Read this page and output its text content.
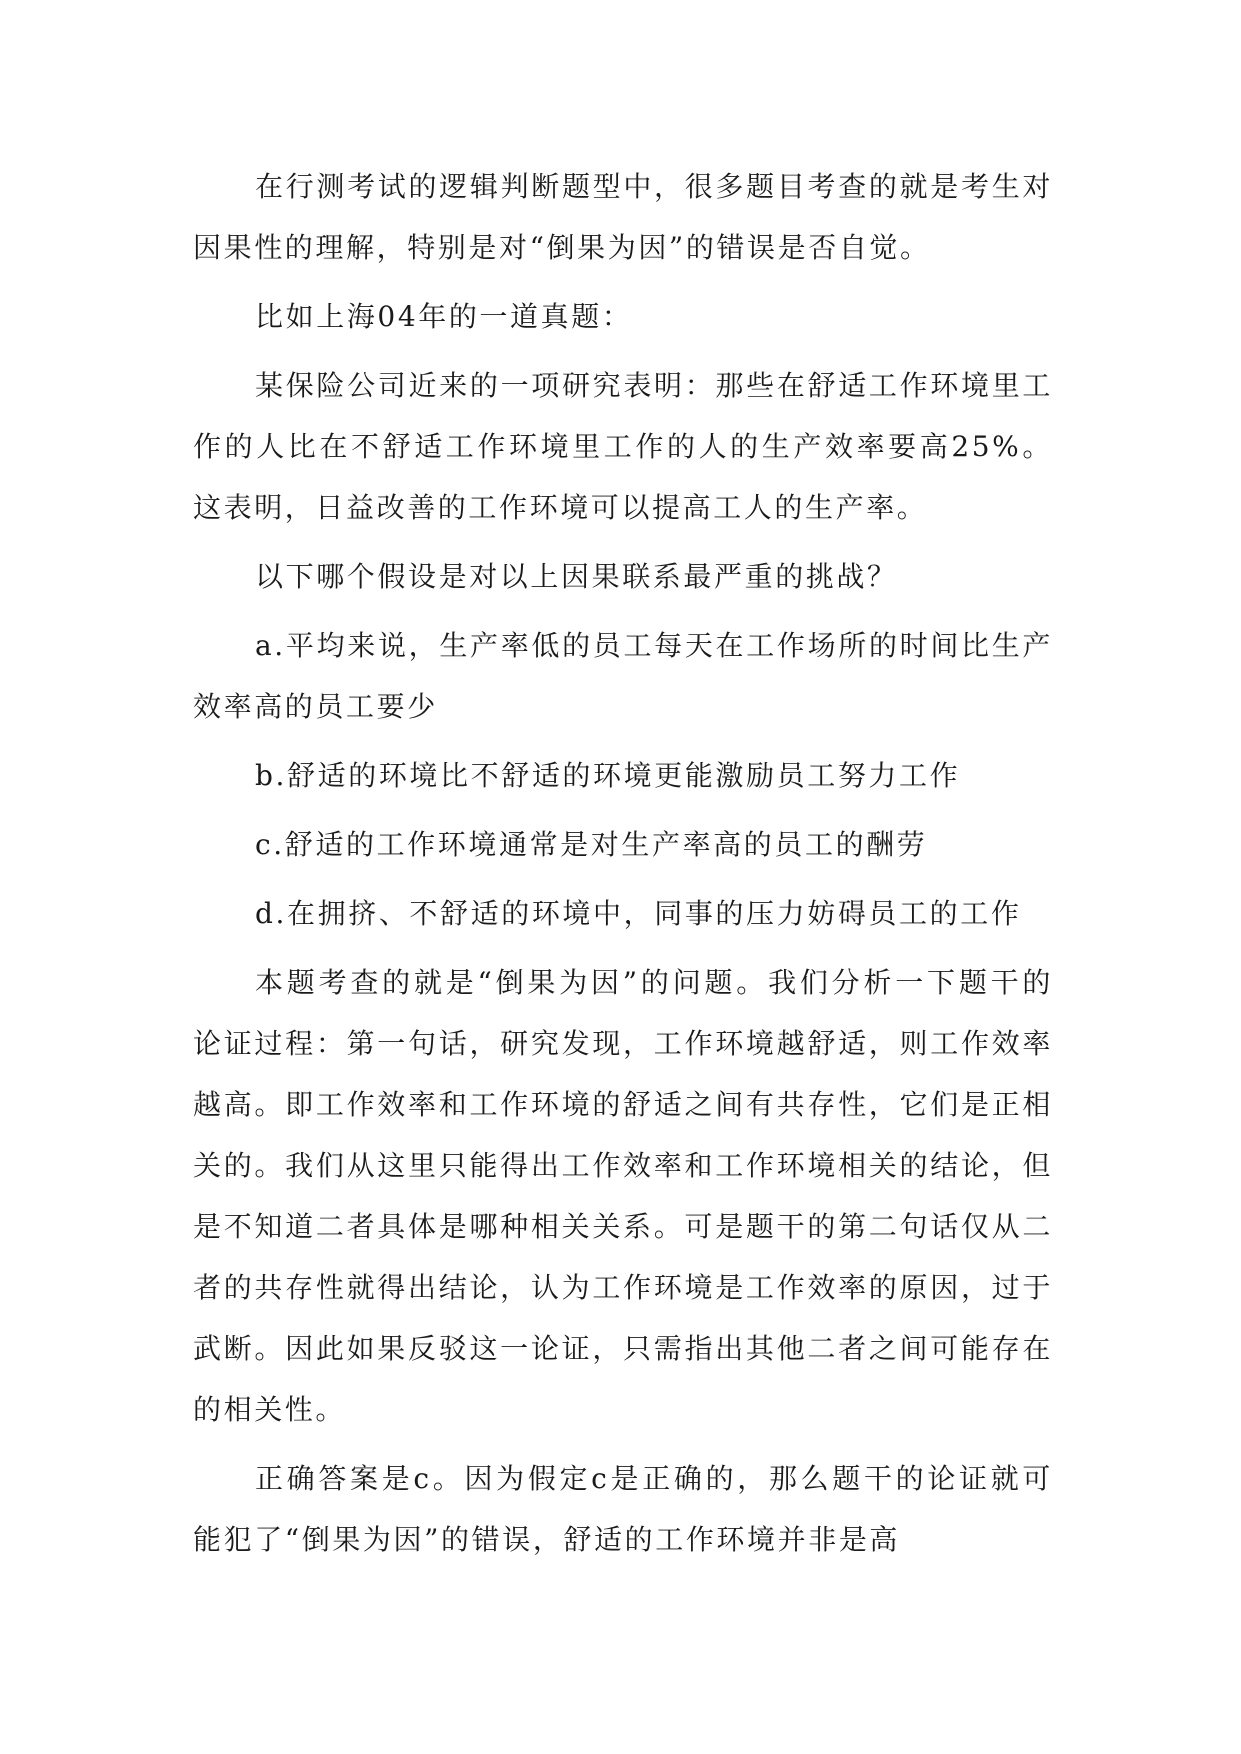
在行测考试的逻辑判断题型中，很多题目考查的就是考生对因果性的理解，特别是对“倒果为因”的错误是否自觉。

比如上海04年的一道真题：

某保险公司近来的一项研究表明：那些在舒适工作环境里工作的人比在不舒适工作环境里工作的人的生产效率要高25%。这表明，日益改善的工作环境可以提高工人的生产率。

以下哪个假设是对以上因果联系最严重的挑战？

a.平均来说，生产率低的员工每天在工作场所的时间比生产效率高的员工要少

b.舒适的环境比不舒适的环境更能激励员工努力工作

c.舒适的工作环境通常是对生产率高的员工的酬劳

d.在拥挤、不舒适的环境中，同事的压力妨碍员工的工作

本题考查的就是“倒果为因”的问题。我们分析一下题干的论证过程：第一句话，研究发现，工作环境越舒适，则工作效率越高。即工作效率和工作环境的舒适之间有共存性，它们是正相关的。我们从这里只能得出工作效率和工作环境相关的结论，但是不知道二者具体是哪种相关关系。可是题干的第二句话仅从二者的共存性就得出结论，认为工作环境是工作效率的原因，过于武断。因此如果反驳这一论证，只需指出其他二者之间可能存在的相关性。

正确答案是c。因为假定c是正确的，那么题干的论证就可能犯了“倒果为因”的错误，舒适的工作环境并非是高
